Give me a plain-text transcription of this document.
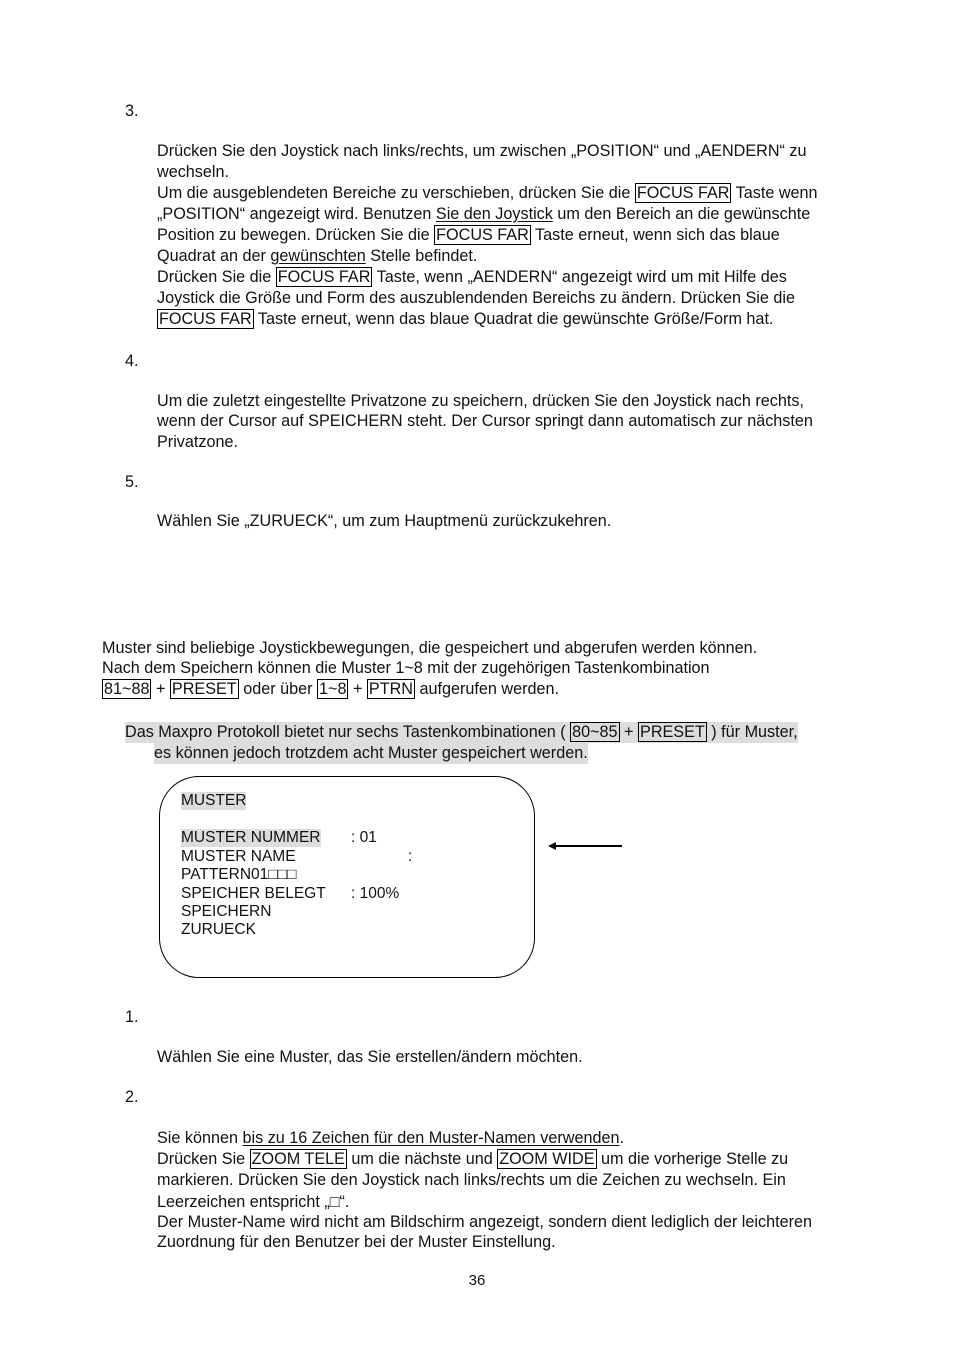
3.
Drücken Sie den Joystick nach links/rechts, um zwischen „POSITION“ und „AENDERN“ zu
wechseln.
Um die ausgeblendeten Bereiche zu verschieben, drücken Sie die FOCUS FAR Taste wenn
„POSITION“ angezeigt wird. Benutzen Sie den Joystick um den Bereich an die gewünschte
Position zu bewegen. Drücken Sie die FOCUS FAR Taste erneut, wenn sich das blaue
Quadrat an der gewünschten Stelle befindet.
Drücken Sie die FOCUS FAR Taste, wenn „AENDERN“ angezeigt wird um mit Hilfe des
Joystick die Größe und Form des auszublendenden Bereichs zu ändern. Drücken Sie die
FOCUS FAR Taste erneut, wenn das blaue Quadrat die gewünschte Größe/Form hat.
4.
Um die zuletzt eingestellte Privatzone zu speichern, drücken Sie den Joystick nach rechts,
wenn der Cursor auf SPEICHERN steht. Der Cursor springt dann automatisch zur nächsten
Privatzone.
5.
Wählen Sie „ZURUECK“, um zum Hauptmenü zurückzukehren.
Muster sind beliebige Joystickbewegungen, die gespeichert und abgerufen werden können.
Nach dem Speichern können die Muster 1~8 mit der zugehörigen Tastenkombination
81~88 + PRESET oder über 1~8 + PTRN aufgerufen werden.
Das Maxpro Protokoll bietet nur sechs Tastenkombinationen ( 80~85 + PRESET ) für Muster,
es können jedoch trotzdem acht Muster gespeichert werden.
MUSTER
MUSTER NUMMER : 01
MUSTER NAME	:
PATTERN01□□□
SPEICHER BELEGT : 100%
SPEICHERN
ZURUECK
1.
Wählen Sie eine Muster, das Sie erstellen/ändern möchten.
2.
Sie können bis zu 16 Zeichen für den Muster-Namen verwenden.
Drücken Sie ZOOM TELE um die nächste und ZOOM WIDE um die vorherige Stelle zu
markieren. Drücken Sie den Joystick nach links/rechts um die Zeichen zu wechseln. Ein
Leerzeichen entspricht „□“.
Der Muster-Name wird nicht am Bildschirm angezeigt, sondern dient lediglich der leichteren
Zuordnung für den Benutzer bei der Muster Einstellung.
36
